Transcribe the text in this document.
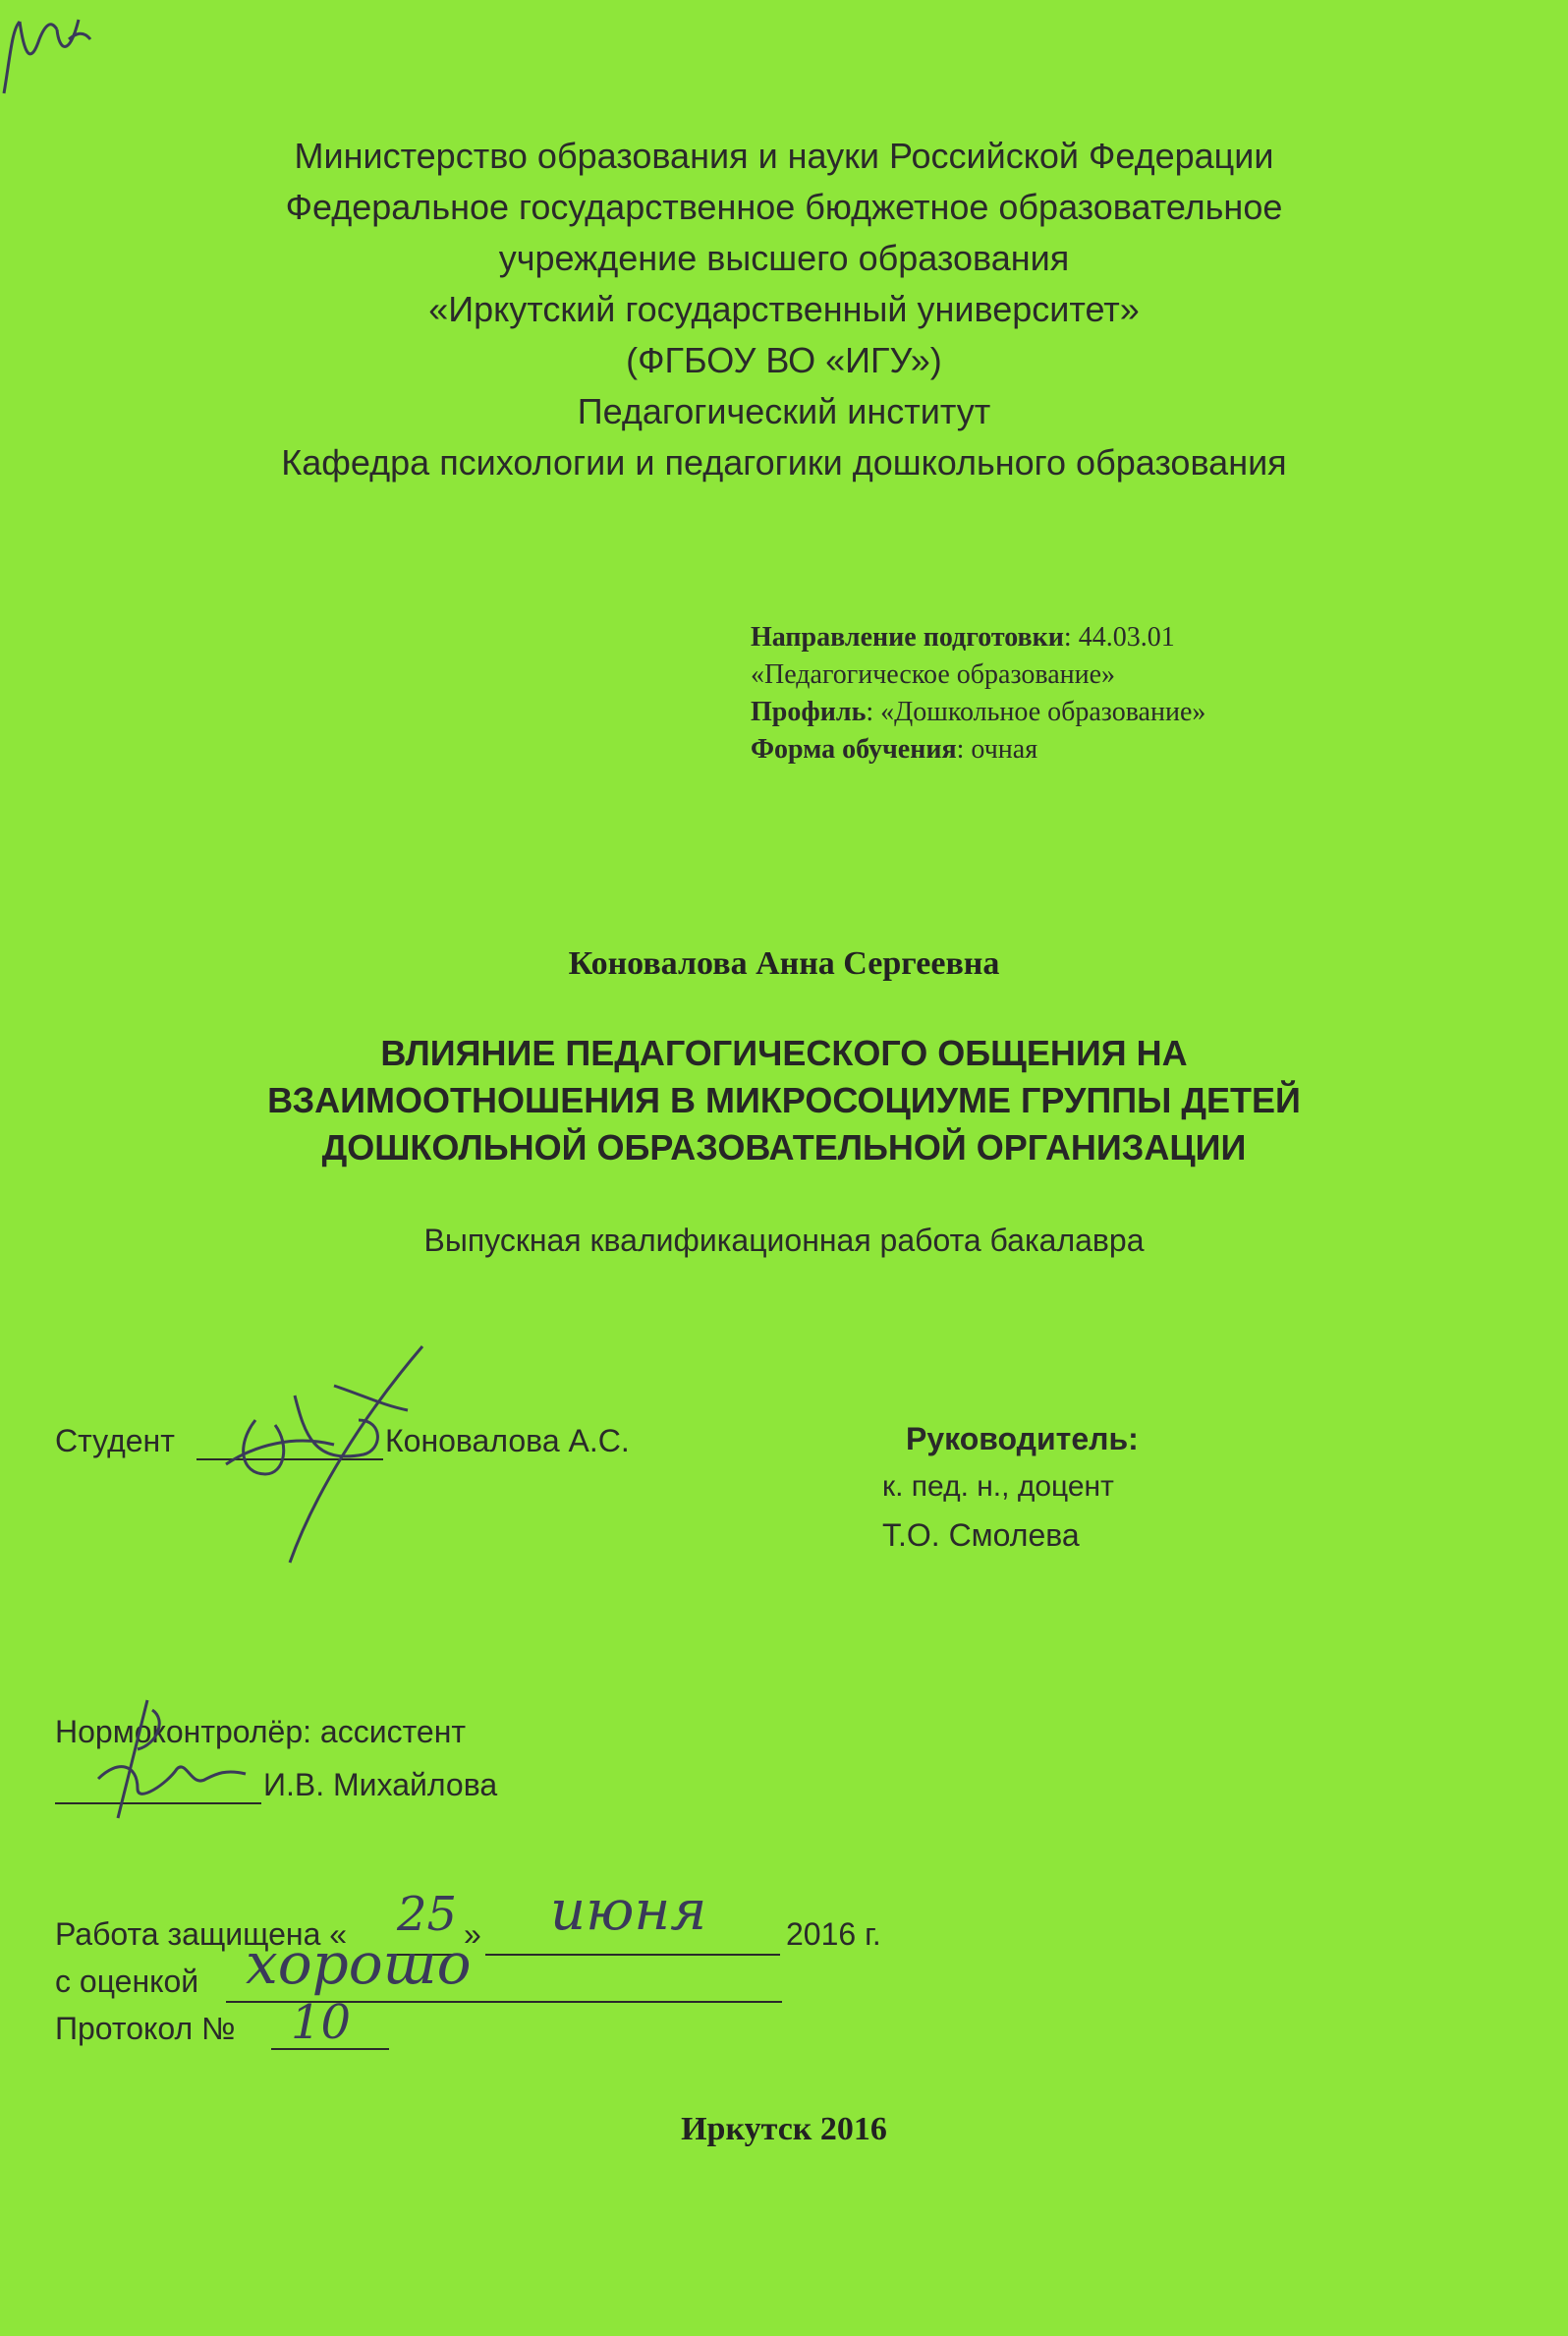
Министерство образования и науки Российской Федерации
Федеральное государственное бюджетное образовательное
учреждение высшего образования
«Иркутский государственный университет»
(ФГБОУ ВО «ИГУ»)
Педагогический институт
Кафедра психологии и педагогики дошкольного образования
Направление подготовки: 44.03.01
«Педагогическое образование»
Профиль: «Дошкольное образование»
Форма обучения: очная
Коновалова Анна Сергеевна
ВЛИЯНИЕ ПЕДАГОГИЧЕСКОГО ОБЩЕНИЯ НА
ВЗАИМООТНОШЕНИЯ В МИКРОСОЦИУМЕ ГРУППЫ ДЕТЕЙ
ДОШКОЛЬНОЙ ОБРАЗОВАТЕЛЬНОЙ ОРГАНИЗАЦИИ
Выпускная квалификационная работа бакалавра
Студент	Коновалова А.С.	Руководитель:
к. пед. н., доцент
Т.О. Смолева
Нормоконтролёр: ассистент
И.В. Михайлова
Работа защищена «	»	2016 г.
25 июня
с оценкой хорошо
Протокол № 10
Иркутск 2016
